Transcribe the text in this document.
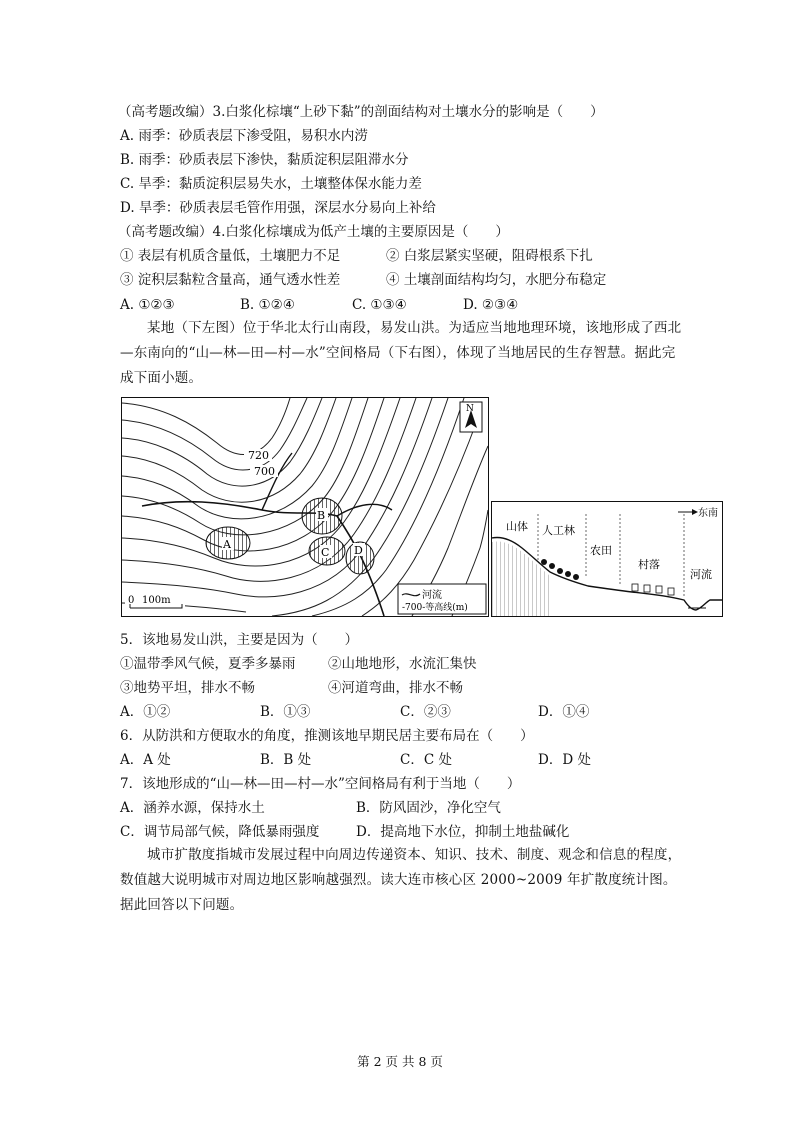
（高考题改编）3.白浆化棕壤“上砂下黏”的剖面结构对土壤水分的影响是（　　）
A. 雨季：砂质表层下渗受阻，易积水内涝
B. 雨季：砂质表层下渗快，黏质淀积层阻滞水分
C. 旱季：黏质淀积层易失水，土壤整体保水能力差
D. 旱季：砂质表层毛管作用强，深层水分易向上补给
（高考题改编）4.白浆化棕壤成为低产土壤的主要原因是（　　）
① 表层有机质含量低，土壤肥力不足	② 白浆层紧实坚硬，阻碍根系下扎
③ 淀积层黏粒含量高，通气透水性差	④ 土壤剖面结构均匀，水肥分布稳定
A. ①②③	B. ①②④	C. ①③④	D. ②③④
某地（下左图）位于华北太行山南段，易发山洪。为适应当地地理环境，该地形成了西北—东南向的“山—林—田—村—水”空间格局（下右图），体现了当地居民的生存智慧。据此完成下面小题。
A
B
C D
720
700
N
0 100m	河流
-700-等高线(m)
东南
山体 人工林
农田
村落
河流
5．该地易发山洪，主要是因为（　　）
①温带季风气候，夏季多暴雨 ②山地地形，水流汇集快
③地势平坦，排水不畅	④河道弯曲，排水不畅
A．①②	B．①③	C．②③	D．①④
6．从防洪和方便取水的角度，推测该地早期民居主要布局在（　　）
A．A 处	B．B 处	C．C 处	D．D 处
7．该地形成的“山—林—田—村—水”空间格局有利于当地（　　）
A．涵养水源，保持水土	B．防风固沙，净化空气
C．调节局部气候，降低暴雨强度	D．提高地下水位，抑制土地盐碱化
城市扩散度指城市发展过程中向周边传递资本、知识、技术、制度、观念和信息的程度，数值越大说明城市对周边地区影响越强烈。读大连市核心区 2000~2009 年扩散度统计图。据此回答以下问题。
第 2 页 共 8 页
